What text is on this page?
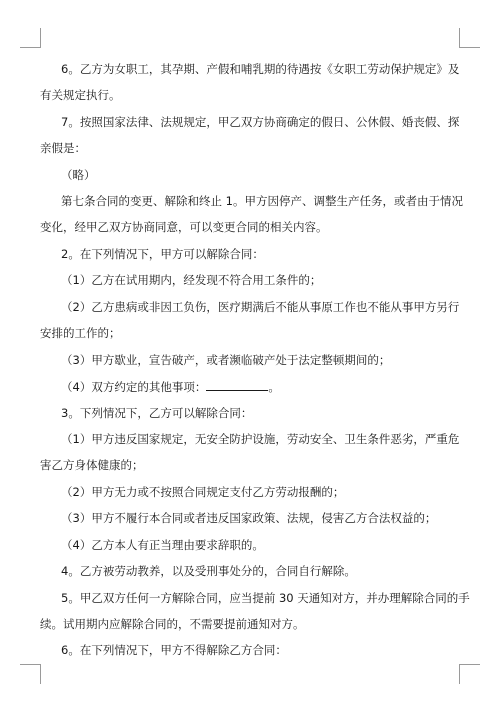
6。乙方为女职工，其孕期、产假和哺乳期的待遇按《女职工劳动保护规定》及
有关规定执行。
7。按照国家法律、法规规定，甲乙双方协商确定的假日、公休假、婚丧假、探
亲假是：
（略）
第七条合同的变更、解除和终止 1。甲方因停产、调整生产任务，或者由于情况
变化，经甲乙双方协商同意，可以变更合同的相关内容。
2。在下列情况下，甲方可以解除合同：
（1）乙方在试用期内，经发现不符合用工条件的；
（2）乙方患病或非因工负伤，医疗期满后不能从事原工作也不能从事甲方另行
安排的工作的；
（3）甲方歇业，宣告破产，或者濒临破产处于法定整顿期间的；
（4）双方约定的其他事项：	。
3。下列情况下，乙方可以解除合同：
（1）甲方违反国家规定，无安全防护设施，劳动安全、卫生条件恶劣，严重危
害乙方身体健康的；
（2）甲方无力或不按照合同规定支付乙方劳动报酬的；
（3）甲方不履行本合同或者违反国家政策、法规，侵害乙方合法权益的；
（4）乙方本人有正当理由要求辞职的。
4。乙方被劳动教养，以及受刑事处分的，合同自行解除。
5。甲乙双方任何一方解除合同，应当提前 30 天通知对方，并办理解除合同的手
续。试用期内应解除合同的，不需要提前通知对方。
6。在下列情况下，甲方不得解除乙方合同：
